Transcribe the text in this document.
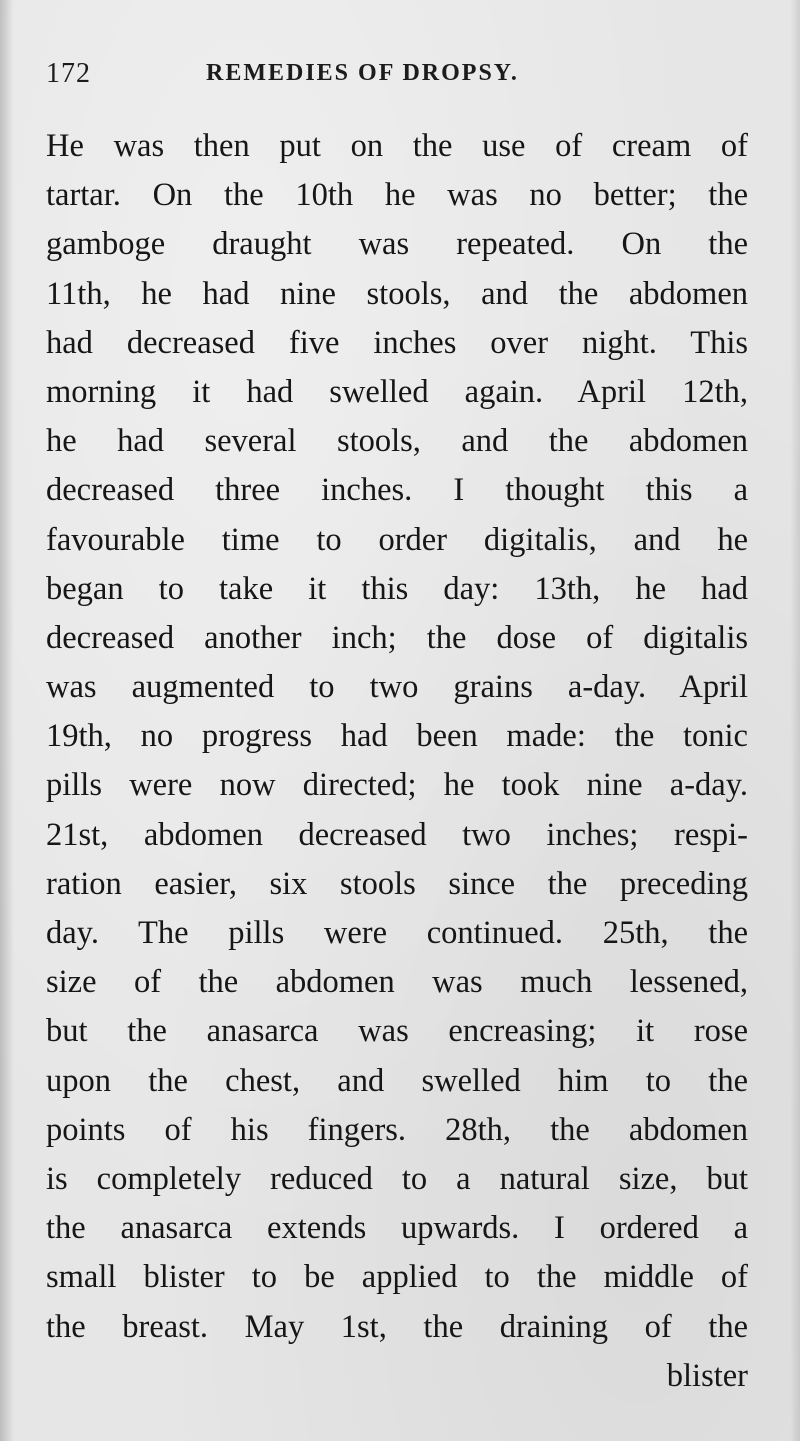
172	REMEDIES OF DROPSY.
He was then put on the use of cream of
tartar. On the 10th he was no better; the
gamboge draught was repeated. On the
11th, he had nine stools, and the abdomen
had decreased five inches over night. This
morning it had swelled again. April 12th,
he had several stools, and the abdomen
decreased three inches. I thought this a
favourable time to order digitalis, and he
began to take it this day: 13th, he had
decreased another inch; the dose of digitalis
was augmented to two grains a-day. April
19th, no progress had been made: the tonic
pills were now directed; he took nine a-day.
21st, abdomen decreased two inches; respi-
ration easier, six stools since the preceding
day. The pills were continued. 25th, the
size of the abdomen was much lessened,
but the anasarca was encreasing; it rose
upon the chest, and swelled him to the
points of his fingers. 28th, the abdomen
is completely reduced to a natural size, but
the anasarca extends upwards. I ordered a
small blister to be applied to the middle of
the breast. May 1st, the draining of the
blister
